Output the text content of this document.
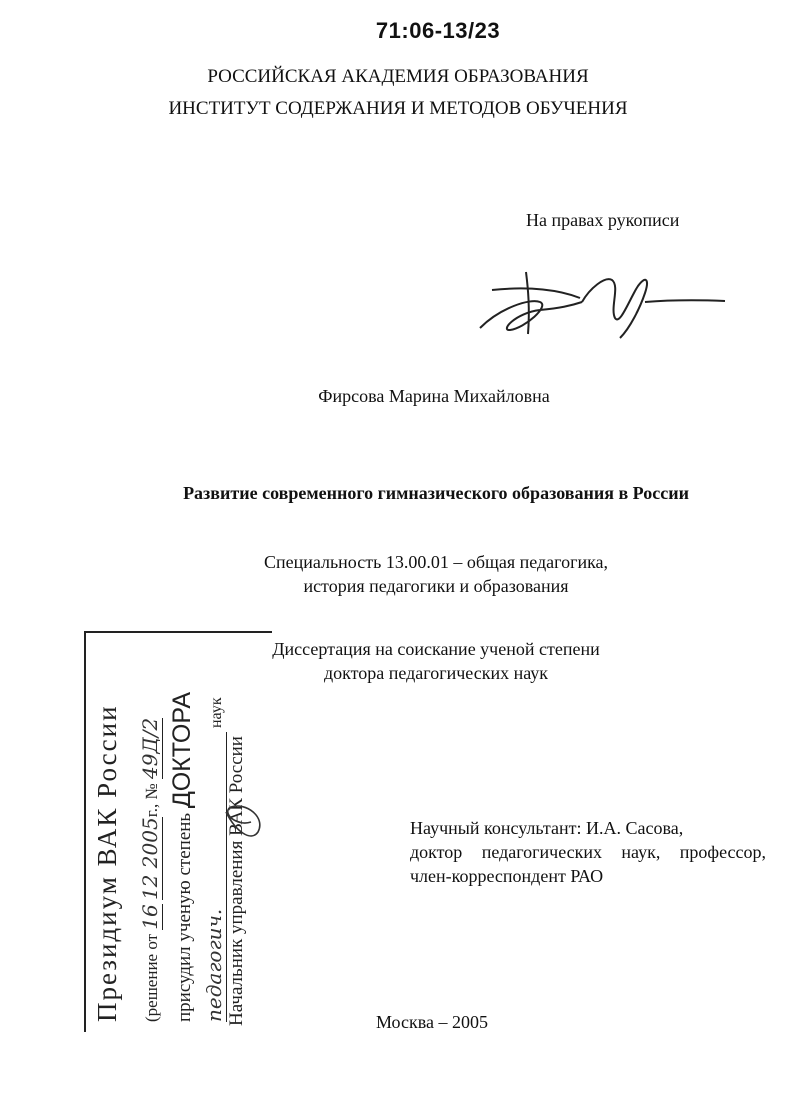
71:06-13/23
РОССИЙСКАЯ АКАДЕМИЯ ОБРАЗОВАНИЯ
ИНСТИТУТ СОДЕРЖАНИЯ И МЕТОДОВ ОБУЧЕНИЯ
На правах рукописи
Фирсова Марина Михайловна
Развитие современного гимназического образования в России
Специальность 13.00.01 – общая педагогика,
история педагогики и образования
Диссертация на соискание ученой степени
доктора педагогических наук
Научный консультант: И.А. Сасова,
доктор педагогических наук, профессор,
член-корреспондент РАО
Москва – 2005
Президиум ВАК России (решение от 16 12 2005г., № 49Д/2
присудил ученую степень ДОКТОРА
педагогич. наук
Начальник управления ВАК России
